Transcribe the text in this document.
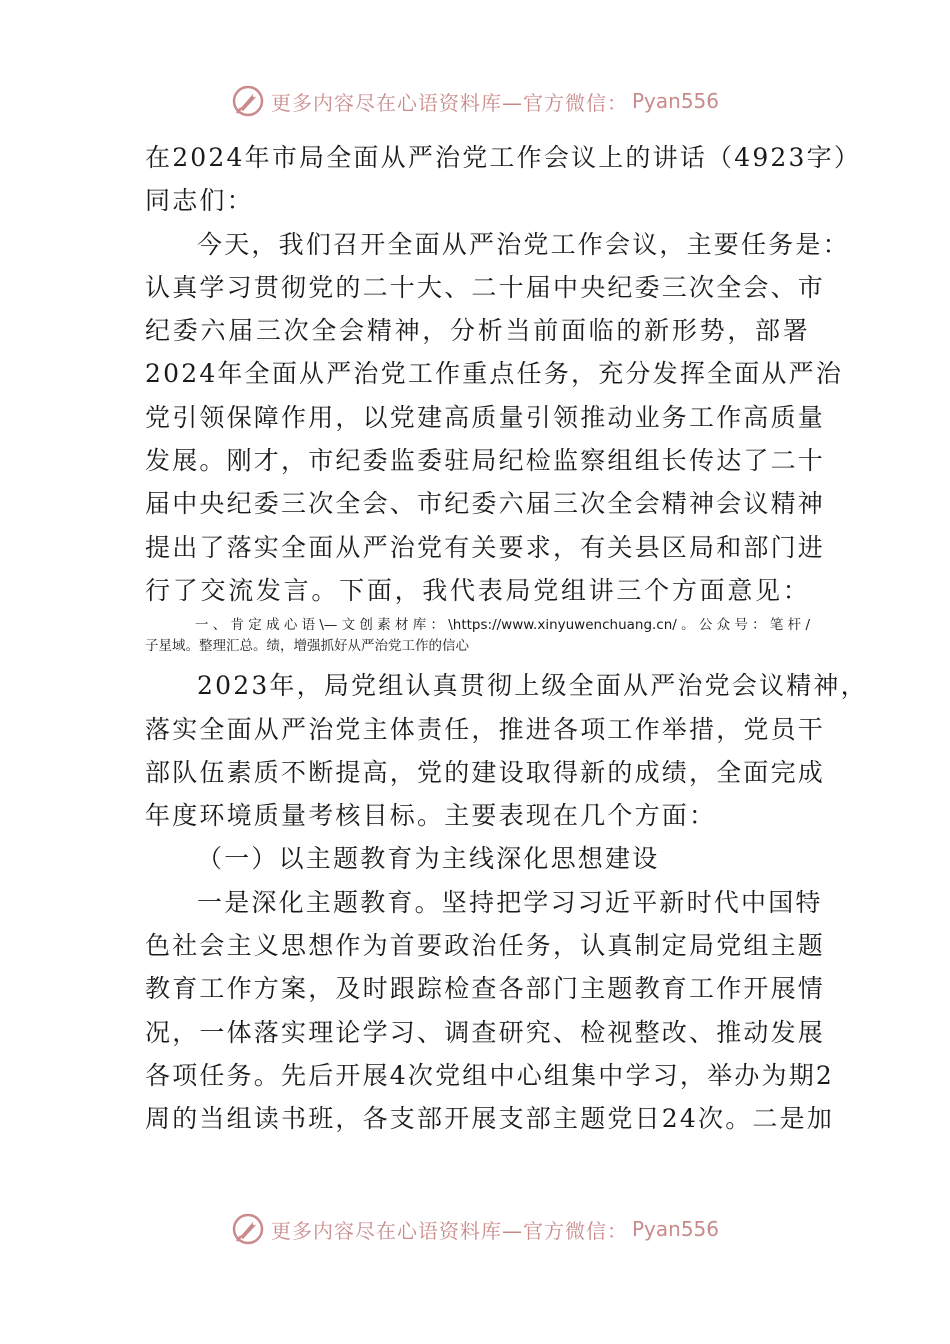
更多内容尽在心语资料库—官方微信： Pyan556
在2024年市局全面从严治党工作会议上的讲话（4923字）
同志们：
今天，我们召开全面从严治党工作会议，主要任务是：
认真学习贯彻党的二十大、二十届中央纪委三次全会、市
纪委六届三次全会精神，分析当前面临的新形势，部署
2024年全面从严治党工作重点任务，充分发挥全面从严治
党引领保障作用，以党建高质量引领推动业务工作高质量
发展。刚才，市纪委监委驻局纪检监察组组长传达了二十
届中央纪委三次全会、市纪委六届三次全会精神会议精神
提出了落实全面从严治党有关要求，有关县区局和部门进
行了交流发言。下面，我代表局党组讲三个方面意见：
一、肯定成心语\—文创素材库：\https://www.xinyuwenchuang.cn/。公众号：笔杆/
子星域。整理汇总。绩，增强抓好从严治党工作的信心
2023年，局党组认真贯彻上级全面从严治党会议精神，
落实全面从严治党主体责任，推进各项工作举措，党员干
部队伍素质不断提高，党的建设取得新的成绩，全面完成
年度环境质量考核目标。主要表现在几个方面：
（一）以主题教育为主线深化思想建设
一是深化主题教育。坚持把学习习近平新时代中国特
色社会主义思想作为首要政治任务，认真制定局党组主题
教育工作方案，及时跟踪检查各部门主题教育工作开展情
况，一体落实理论学习、调查研究、检视整改、推动发展
各项任务。先后开展4次党组中心组集中学习，举办为期2
周的当组读书班，各支部开展支部主题党日24次。二是加
更多内容尽在心语资料库—官方微信： Pyan556
